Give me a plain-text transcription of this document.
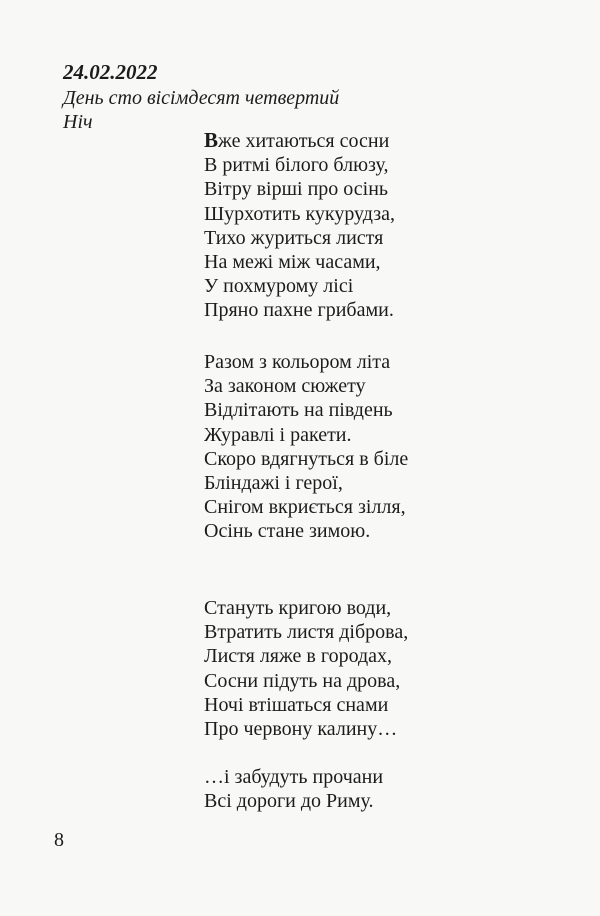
24.02.2022

День сто вісімдесят четвертий

Ніч

Вже хитаються сосни
В ритмі білого блюзу,
Вітру вірші про осінь
Шурхотить кукурудза,
Тихо журиться листя
На межі між часами,
У похмурому лісі
Пряно пахне грибами.
Разом з кольором літа
За законом сюжету
Відлітають на південь
Журавлі і ракети.
Скоро вдягнуться в біле
Бліндажі і герої,
Снігом вкриється зілля,
Осінь стане зимою.
Стануть кригою води,
Втратить листя діброва,
Листя ляже в городах,
Сосни підуть на дрова,
Ночі втішаться снами
Про червону калину…
…і забудуть прочани
Всі дороги до Риму.

8
